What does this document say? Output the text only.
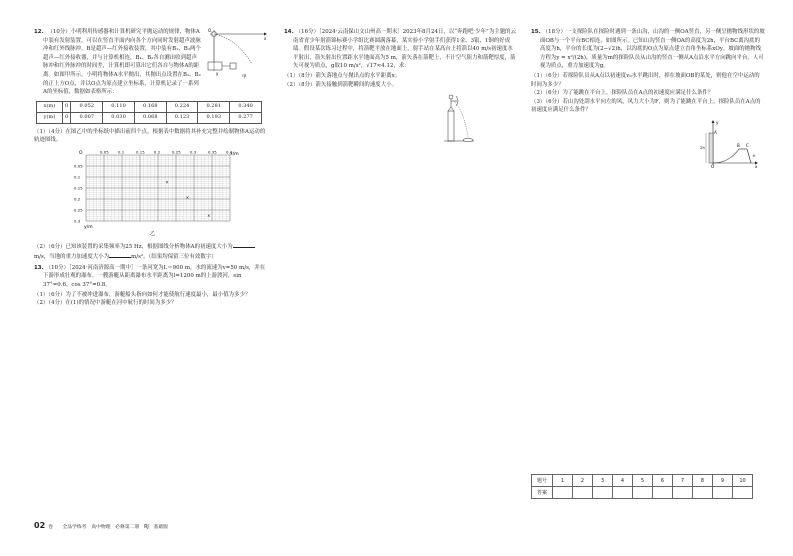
12.	O
x
y
甲
（10分）小明利用传感器和计算机研究平抛运动的规律，物体A中装有发射装置，可以在竖直平面内向各个方向同时发射超声波脉冲和红外线脉冲，B是超声—红外接收装置，其中装有B₁、B₂两个超声—红外接收器，并与计算机相连，B₁、B₂各自测出收到超声脉冲和红外脉冲的时间差，计算机即可算出它们各自与物体A的距离。如图甲所示，小明将物体A水平抛出，其抛出点设置在B₁、B₂的正上方O点，并以O点为原点建立坐标系，计算机记录了一系列A的坐标值，数据如表格所示：
x(m)	0	0.052	0.110	0.168	0.224	0.281	0.340
y(m)	0	0.007	0.030	0.068	0.123	0.193	0.277

（1）（4分）在图乙中的坐标纸中描出前四个点，根据表中数据将其补充完整并绘制物体A运动的轨迹图线。

0.05 0.1	0.15 0.2	0.25 0.3	0.35 0.4
0.05
0.1
0.15
0.2
0.25
0.3
×
×
×
O	x/m
y/m
乙

（2）（6分）已知该装置的采集频率为25 Hz，根据图线分析物体A的初速度大小为m/s，当地的重力加速度大小为	m/s²。（结果均保留三位有效数字）

13. （10分）［2024·河南济源高一期中］一条河宽为L＝900 m，水的流速为v=50 m/s，并在下游形成壮观的瀑布。一艘游艇从距离瀑布水平距离为l=1200 m的上游渡河，sin 37°=0.6，cos 37°=0.8。

（1）（6分）为了不被冲进瀑布，游艇船头指向如何才能使航行速度最小，最小值为多少？

（2）（4分）在(1)的情况中游艇在河中航行的时间为多少？

14. （16分）［2024·云南保山文山州高一期末］2023年8月24日，以“奔跑吧·少年”为主题的云南省青少年射箭锦标赛小学组比赛圆满落幕，某实验小学射手们获得1金、3银、1铜的好成绩。假设某次练习过程中，将箭靶平放在地面上，射手站在某高台上将箭以40 m/s初速度水平射出，箭矢射出位置距水平地面高为5 m，箭矢落在箭靶上，不计空气阻力和箭靶厚度，箭矢可视为质点，g取10 m/s²，√17≈4.12，求：

（1）（8分）箭矢落地点与抛出点的水平距离x；

（2）（8分）箭矢接触到箭靶瞬间的速度大小。

15. （18分）一支探险队在探险时遇到一条山沟，山沟的一侧OA竖直，另一侧呈抛物线形状的坡面OB与一个平台BC相连，如图所示。已知山沟竖直一侧OA的高度为2h，平台BC离沟底的高度为h，平台的长度为(2−√2)h，以沟底的O点为原点建立直角坐标系xOy，坡面的抛物线方程为y = x²/(2h)，质量为m的探险队员从山沟的竖直一侧从A点沿水平方向跳向平台，人可视为质点，重力加速度为g。

（1）（6分）若探险队员从A点以初速度v₀水平跳出时，掉在坡面OB的某处，则他在空中运动的时间为多少？

（2）（6分）为了能跳在平台上，探险队员在A点的初速度应满足什么条件？

（3）（6分）若山沟处刮水平向左的风，风力大小为F，则为了能跳在平台上，探险队员在A点的初速度应满足什么条件？

y
x
O
A
B C
2h
h
题号	1	2	3	4	5	6	7	8	9	10
答案										
02 卷　　全品学练考　高中物理　必修第二册　RJ　基础版
